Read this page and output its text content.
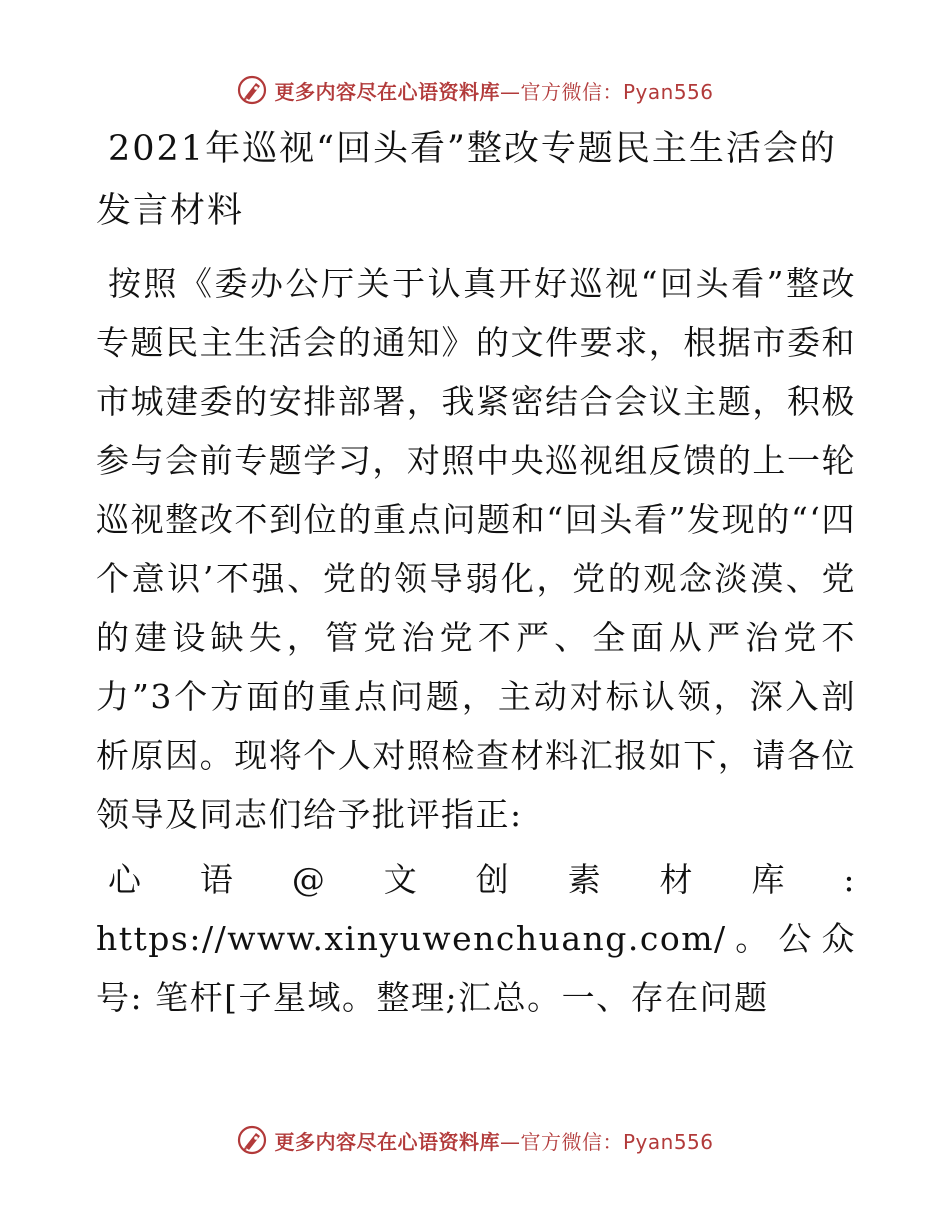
更多内容尽在心语资料库—官方微信：Pyan556
2021年巡视“回头看”整改专题民主生活会的发言材料

按照《委办公厅关于认真开好巡视“回头看”整改专题民主生活会的通知》的文件要求，根据市委和市城建委的安排部署，我紧密结合会议主题，积极参与会前专题学习，对照中央巡视组反馈的上一轮巡视整改不到位的重点问题和“回头看”发现的“‘四个意识’不强、党的领导弱化，党的观念淡漠、党的建设缺失，管党治党不严、全面从严治党不力”3个方面的重点问题，主动对标认领，深入剖析原因。现将个人对照检查材料汇报如下，请各位领导及同志们给予批评指正:

心语@文创素材库: https://www.xinyuwenchuang.com/。公众号: 笔杆[子星域。整理;汇总。一、存在问题

更多内容尽在心语资料库—官方微信：Pyan556
